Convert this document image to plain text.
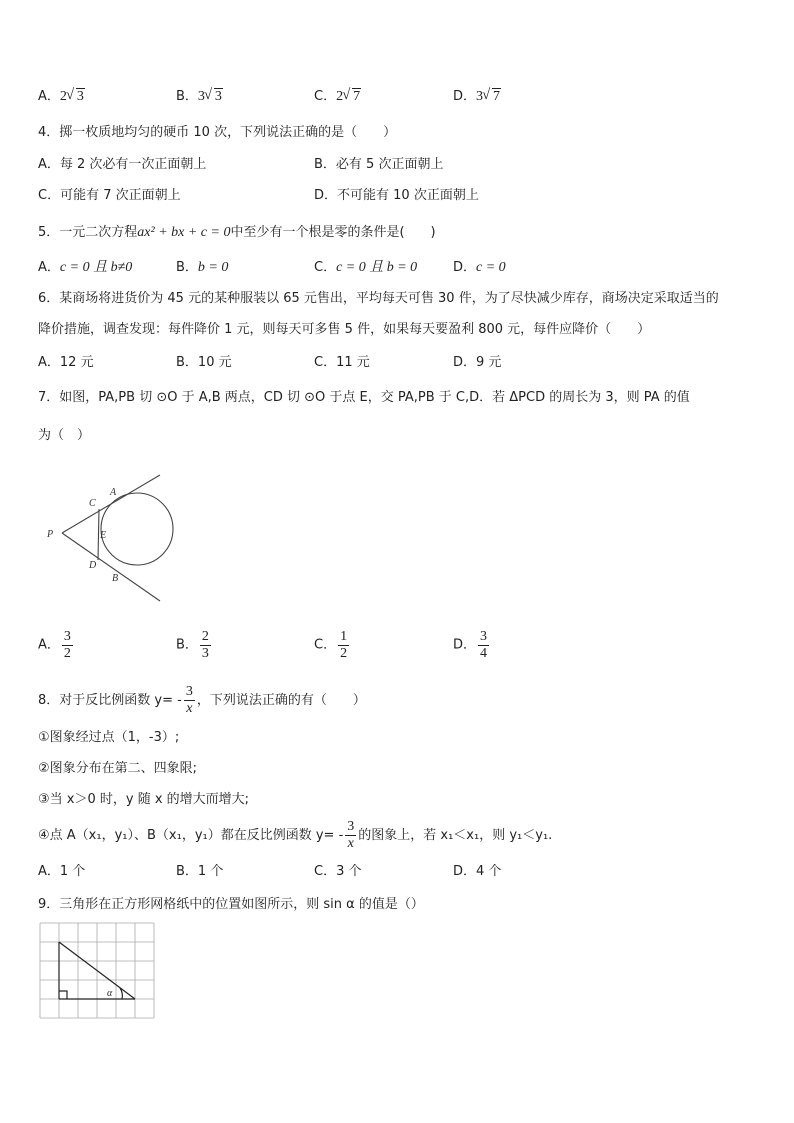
A．2 √ 3	B．3 √ 3	C．2 √ 7	D．3 √ 7
4．掷一枚质地均匀的硬币 10 次，下列说法正确的是（　　）
A．每 2 次必有一次正面朝上	B．必有 5 次正面朝上
C．可能有 7 次正面朝上	D．不可能有 10 次正面朝上
5．一元二次方程ax² + bx + c = 0中至少有一个根是零的条件是(　　)
A．c = 0 且 b≠0	B．b = 0	C．c = 0 且 b = 0	D．c = 0
6．某商场将进货价为 45 元的某种服装以 65 元售出，平均每天可售 30 件，为了尽快减少库存，商场决定采取适当的
降价措施，调查发现：每件降价 1 元，则每天可多售 5 件，如果每天要盈利 800 元，每件应降价（　　）
A．12 元	B．10 元	C．11 元	D．9 元
7．如图，PA,PB 切 ⊙O 于 A,B 两点，CD 切 ⊙O 于点 E，交 PA,PB 于 C,D．若 ΔPCD 的周长为 3，则 PA 的值
为（　）
P
C
A
E
D
B
A． $\frac{3}{2}$	B． $\frac{2}{3}$	C． $\frac{1}{2}$	D． $\frac{3}{4}$
8．对于反比例函数 $y= - \frac{3}{x}$ ，下列说法正确的有（　　）
①图象经过点（1，-3）;
②图象分布在第二、四象限;
③当 x＞0 时，y 随 x 的增大而增大;
④点 A（x₁，y₁）、B（x₁，y₁）都在反比例函数 $y= - \frac{3}{x}$ 的图象上，若 x₁＜x₁，则 y₁＜y₁.
A．1 个	B．1 个	C．3 个	D．4 个
9．三角形在正方形网格纸中的位置如图所示，则 sin α 的值是（）
α
